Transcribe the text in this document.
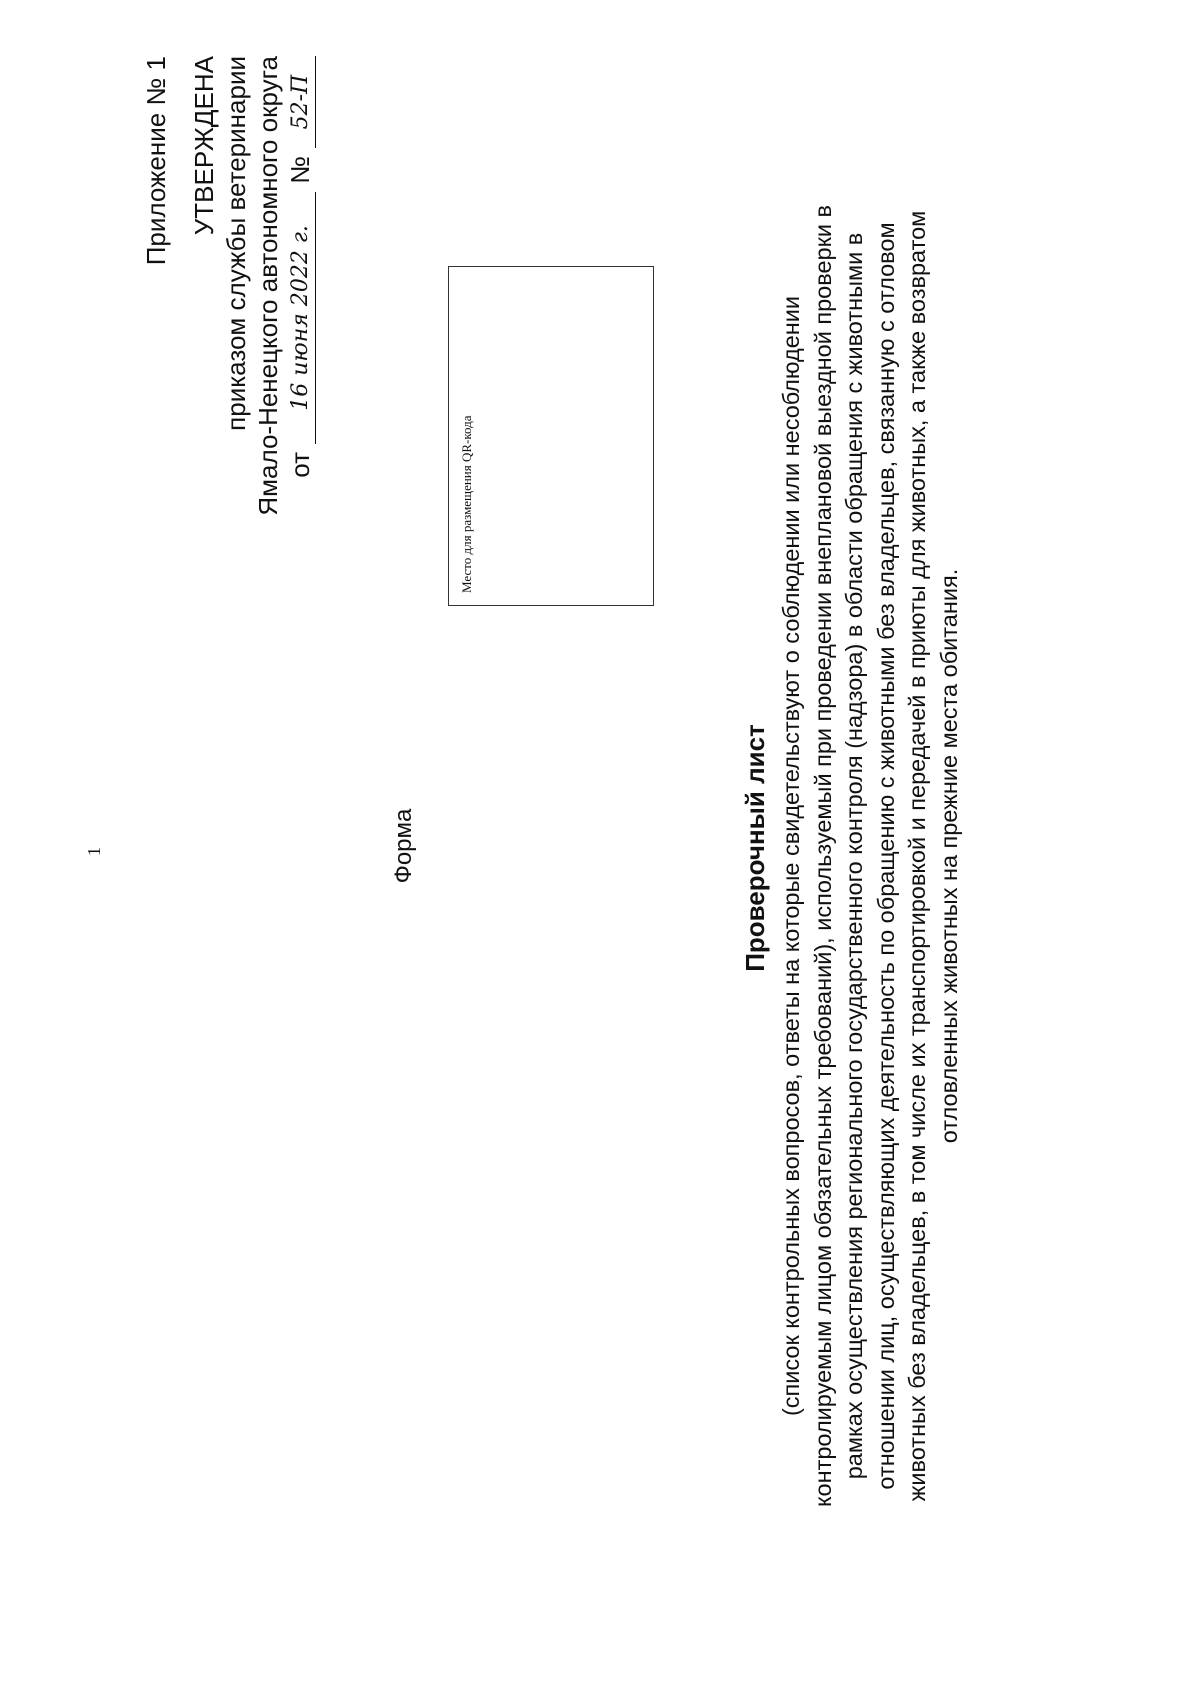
1
Приложение № 1 УТВЕРЖДЕНА приказом службы ветеринарии Ямало-Ненецкого автономного округа от
16 июня 2022 г.
№
52-П
Место для размещения QR-кода
Форма	Проверочный лист (список контрольных вопросов, ответы на которые свидетельствуют о соблюдении или несоблюдении контролируемым лицом обязательных требований), используемый при проведении внеплановой выездной проверки в рамках осуществления регионального государственного контроля (надзора) в области обращения с животными в отношении лиц, осуществляющих деятельность по обращению с животными без владельцев, связанную с отловом животных без владельцев, в том числе их транспортировкой и передачей в приюты для животных, а также возвратом отловленных животных на прежние места обитания.
